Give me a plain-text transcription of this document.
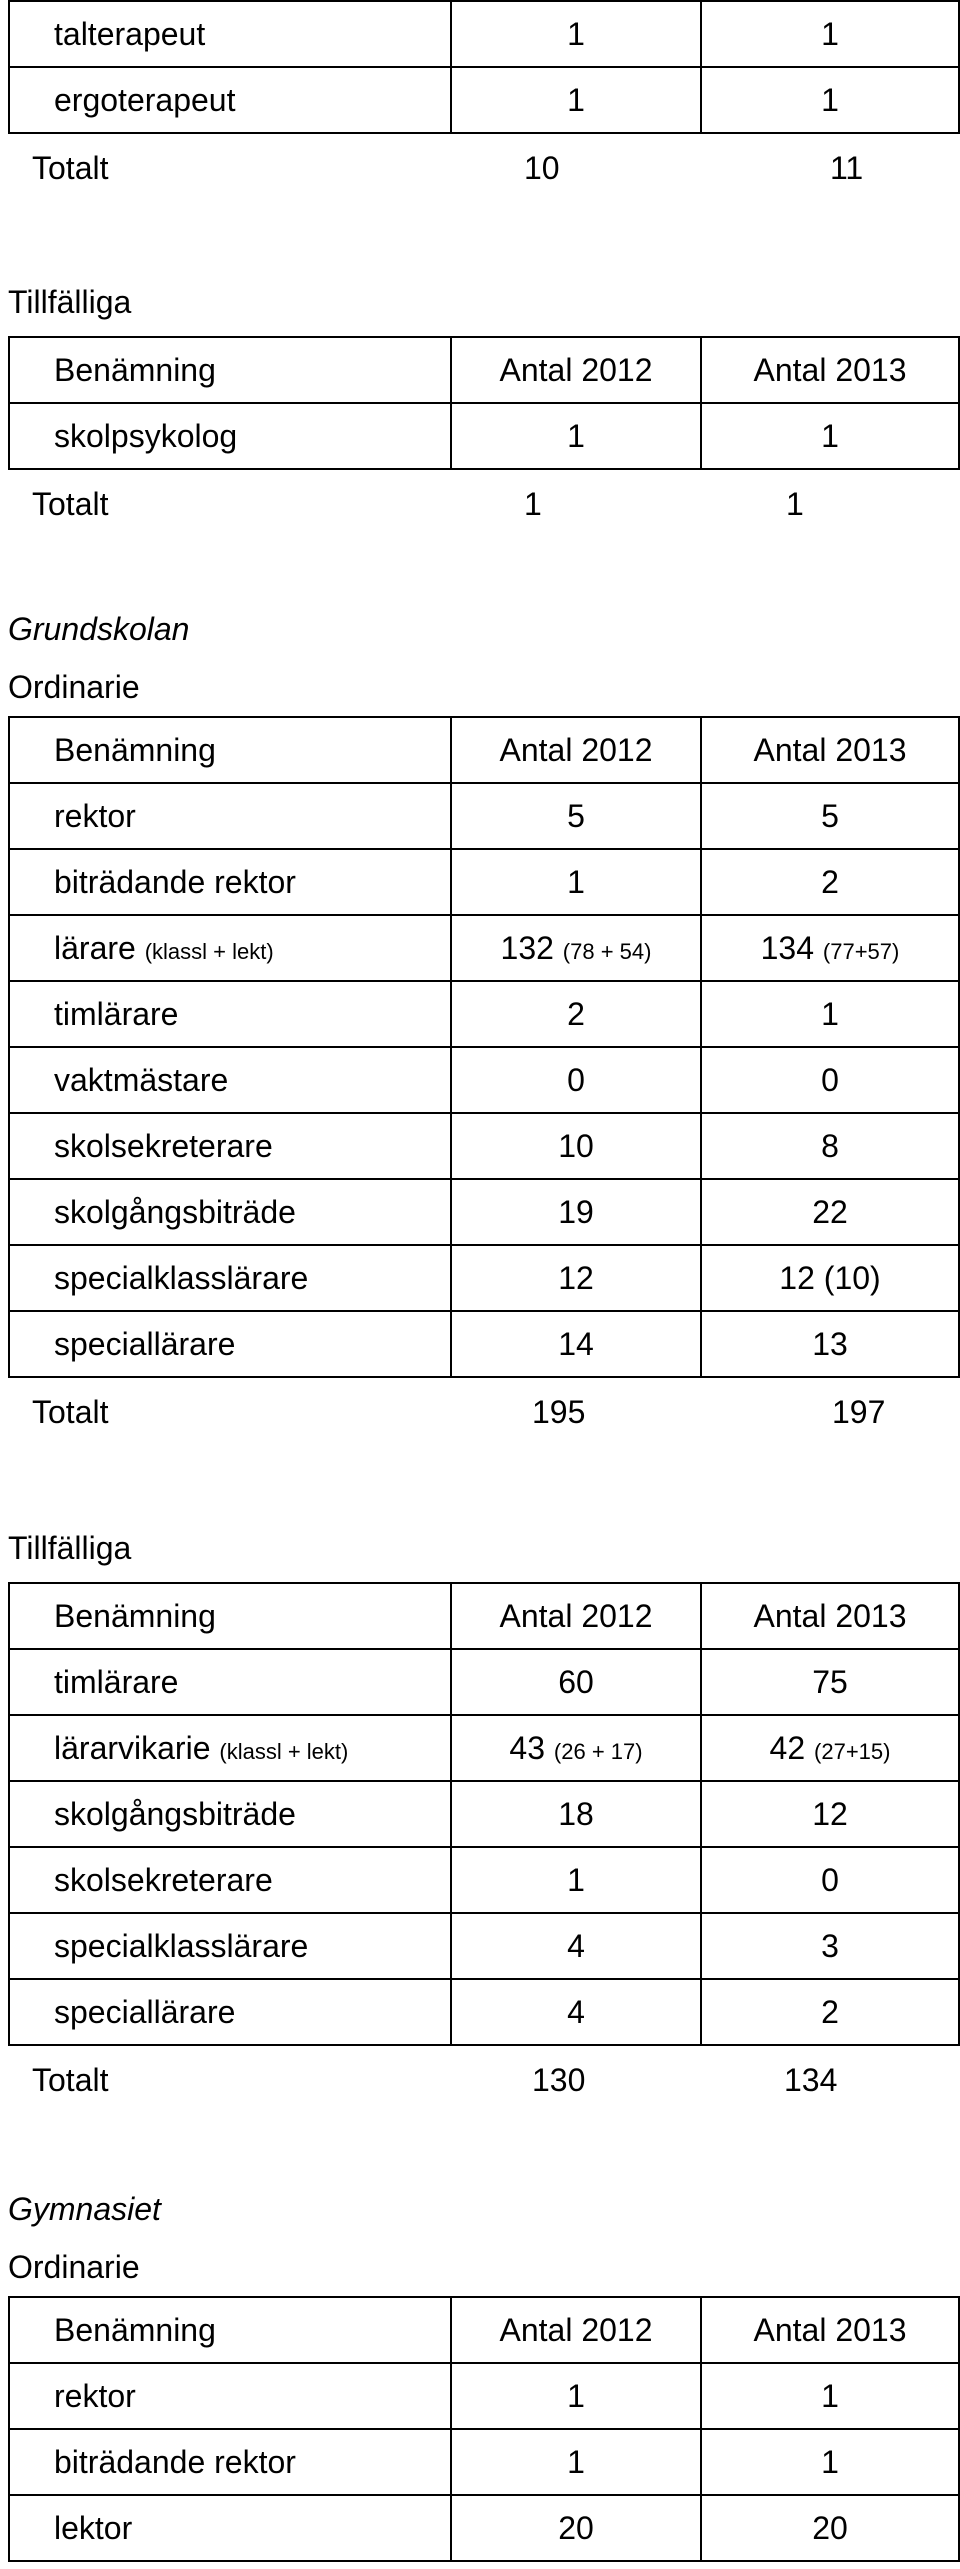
talterapeut	1	1
ergoterapeut	1	1
Totalt	10	11
Tillfälliga
Benämning	Antal 2012	Antal 2013
skolpsykolog	1	1
Totalt	1	1
Grundskolan
Ordinarie
Benämning	Antal 2012	Antal 2013
rektor	5	5
biträdande rektor	1	2
lärare (klassl + lekt)	132 (78 + 54)	134 (77+57)
timlärare	2	1
vaktmästare	0	0
skolsekreterare	10	8
skolgångsbiträde	19	22
specialklasslärare	12	12 (10)
speciallärare	14	13
Totalt	195	197
Tillfälliga
Benämning	Antal 2012	Antal 2013
timlärare	60	75
lärarvikarie (klassl + lekt)	43 (26 + 17)	42 (27+15)
skolgångsbiträde	18	12
skolsekreterare	1	0
specialklasslärare	4	3
speciallärare	4	2
Totalt	130	134
Gymnasiet
Ordinarie
Benämning	Antal 2012	Antal 2013
rektor	1	1
biträdande rektor	1	1
lektor	20	20
